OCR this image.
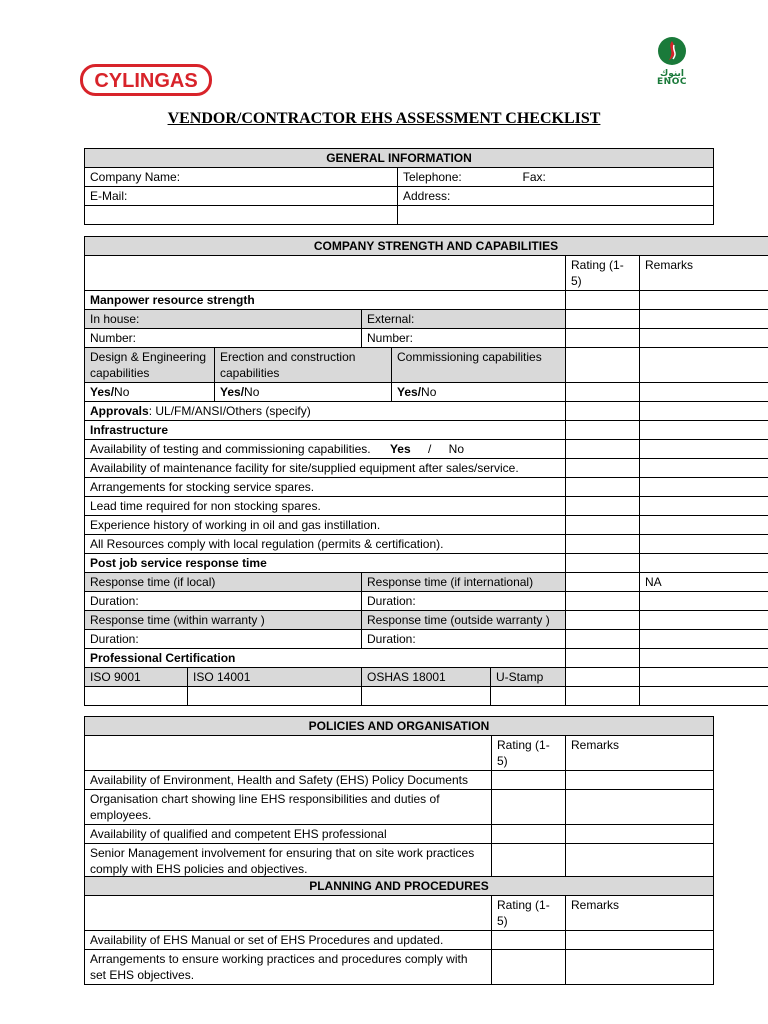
CYLINGAS	اينوك
ENOC
VENDOR/CONTRACTOR EHS ASSESSMENT CHECKLIST
GENERAL INFORMATION	
Company Name:	Telephone: Fax:

E-Mail:	Address:

COMPANY STRENGTH AND CAPABILITIES							
						Rating (1-5)	Remarks
Manpower resource strength							
In house:			External:				
Number:			Number:				
Design & Engineering capabilities		Erection and construction capabilities		Commissioning capabilities			
Yes/No		Yes/No		Yes/No			
Approvals: UL/FM/ANSI/Others (specify)							
Infrastructure							
Availability of testing and commissioning capabilities. Yes / No							
Availability of maintenance facility for site/supplied equipment after sales/service.							
Arrangements for stocking service spares.							
Lead time required for non stocking spares.							
Experience history of working in oil and gas instillation.							
All Resources comply with local regulation (permits & certification).							
Post job service response time							
Response time (if local)			Response time (if international)				NA
Duration:			Duration:				
Response time (within warranty )			Response time (outside warranty )				
Duration:			Duration:				
Professional Certification							
ISO 9001	ISO 14001		OSHAS 18001		U-Stamp		

POLICIES AND ORGANISATION		
	Rating (1-5)	Remarks
Availability of Environment, Health and Safety (EHS) Policy Documents		
Organisation chart showing line EHS responsibilities and duties of employees.		
Availability of qualified and competent EHS professional		
Senior Management involvement for ensuring that on site work practices comply with EHS policies and objectives.		
PLANNING AND PROCEDURES		
	Rating (1-5)	Remarks
Availability of EHS Manual or set of EHS Procedures and updated.		
Arrangements to ensure working practices and procedures comply with set EHS objectives.		
